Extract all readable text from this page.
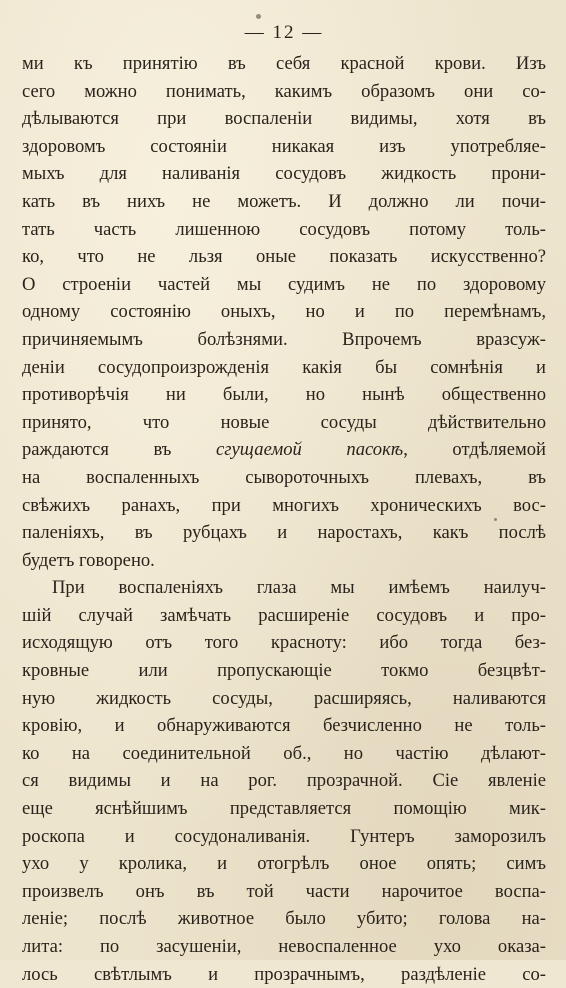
— 12 —
ми къ принятію въ себя красной крови. Изъ
сего можно понимать, какимъ образомъ они со-
дѣлываются при воспаленіи видимы, хотя въ
здоровомъ состояніи никакая изъ употребляе-
мыхъ для наливанія сосудовъ жидкость прони-
кать въ нихъ не можетъ. И должно ли почи-
тать часть лишенною сосудовъ потому толь-
ко, что не льзя оные показать искусственно?
О строеніи частей мы судимъ не по здоровому
одному состоянію оныхъ, но и по перемѣнамъ,
причиняемымъ болѣзнями. Впрочемъ вразсуж-
деніи сосудопроизрожденія какія бы сомнѣнія и
противорѣчія ни были, но нынѣ общественно
принято, что новые сосуды дѣйствительно
раждаются въ сгущаемой пасокѣ, отдѣляемой
на воспаленныхъ сывороточныхъ плевахъ, въ
свѣжихъ ранахъ, при многихъ хроническихъ вос-
паленіяхъ, въ рубцахъ и наростахъ, какъ послѣ
будетъ говорено.
При воспаленіяхъ глаза мы имѣемъ наилуч-
шій случай замѣчать расширеніе сосудовъ и про-
исходящую отъ того красноту: ибо тогда без-
кровные или пропускающіе токмо безцвѣт-
ную жидкость сосуды, расширяясь, наливаются
кровію, и обнаруживаются безчисленно не толь-
ко на соединительной об., но частію дѣлают-
ся видимы и на рог. прозрачной. Сіе явленіе
еще яснѣйшимъ представляется помощію мик-
роскопа и сосудоналиванія. Гунтеръ заморозилъ
ухо у кролика, и отогрѣлъ оное опять; симъ
произвелъ онъ въ той части нарочитое воспа-
леніе; послѣ животное было убито; голова на-
лита: по засушеніи, невоспаленное ухо оказа-
лось свѣтлымъ и прозрачнымъ, раздѣленіе со-
